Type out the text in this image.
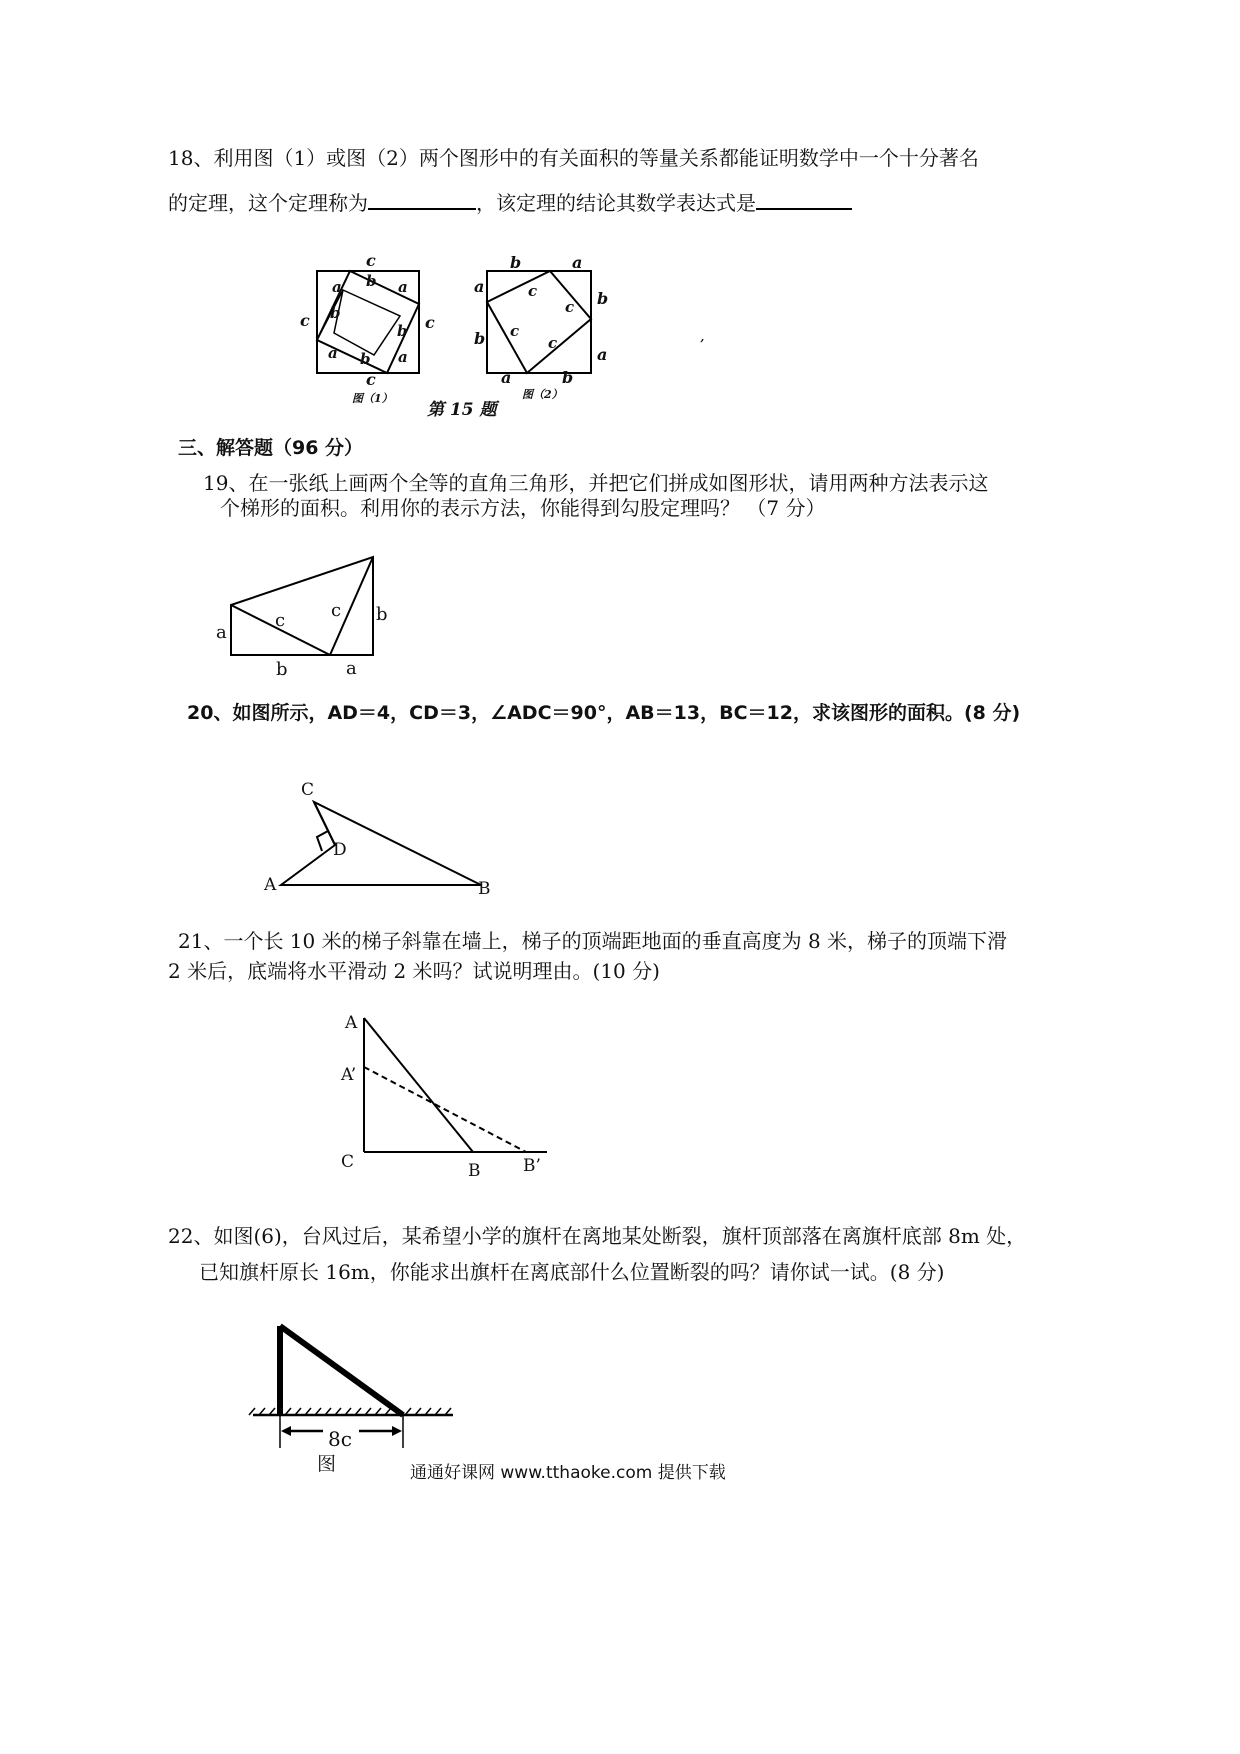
18、利用图（1）或图（2）两个图形中的有关面积的等量关系都能证明数学中一个十分著名
的定理，这个定理称为	，该定理的结论其数学表达式是
c
c
c	c
a b a
b
b
a b a
图（1）
b	a
a
b
b
a
a	b
c
c
c
c
图（2）
第 15 题
’
三、解答题（96 分）
19、在一张纸上画两个全等的直角三角形，并把它们拼成如图形状，请用两种方法表示这
个梯形的面积。利用你的表示方法，你能得到勾股定理吗？ （7 分）
a
c	c b
b	a
20、如图所示，AD＝4，CD＝3，∠ADC＝90°，AB＝13，BC＝12，求该图形的面积。(8 分)
C
D
A	B
21、一个长 10 米的梯子斜靠在墙上，梯子的顶端距地面的垂直高度为 8 米，梯子的顶端下滑
2 米后，底端将水平滑动 2 米吗？试说明理由。(10 分)
A
A’
C	B	B’
22、如图(6)，台风过后，某希望小学的旗杆在离地某处断裂，旗杆顶部落在离旗杆底部 8m 处，
已知旗杆原长 16m，你能求出旗杆在离底部什么位置断裂的吗？请你试一试。(8 分)
8c
图	通通好课网 www.tthaoke.com 提供下载
